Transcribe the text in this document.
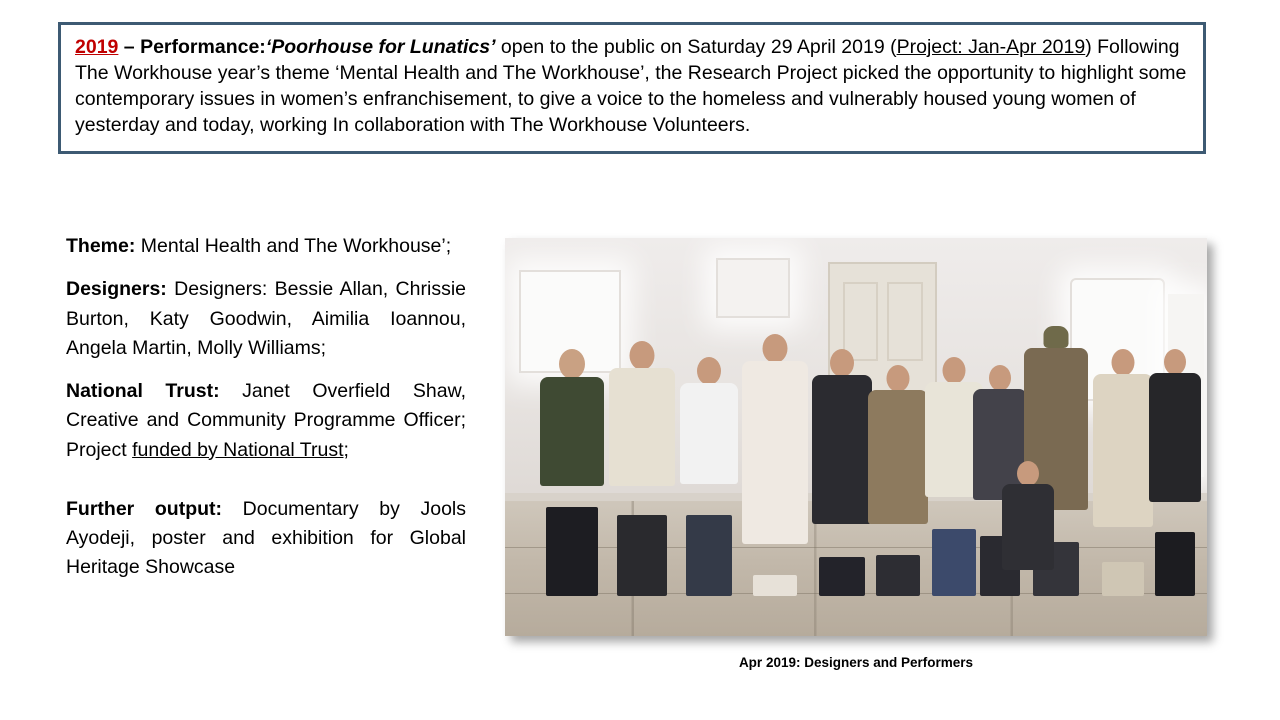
2019 – Performance:‘Poorhouse for Lunatics’ open to the public on Saturday 29 April 2019 (Project: Jan-Apr 2019) Following The Workhouse year’s theme ‘Mental Health and The Workhouse’, the Research Project picked the opportunity to highlight some contemporary issues in women’s enfranchisement, to give a voice to the homeless and vulnerably housed young women of yesterday and today, working In collaboration with The Workhouse Volunteers.

Theme: Mental Health and The Workhouse’;

Designers: Designers: Bessie Allan, Chrissie Burton, Katy Goodwin, Aimilia Ioannou, Angela Martin, Molly Williams;

National Trust: Janet Overfield Shaw, Creative and Community Programme Officer; Project funded by National Trust;

Further output: Documentary by Jools Ayodeji, poster and exhibition for Global Heritage Showcase

Apr 2019: Designers and Performers
